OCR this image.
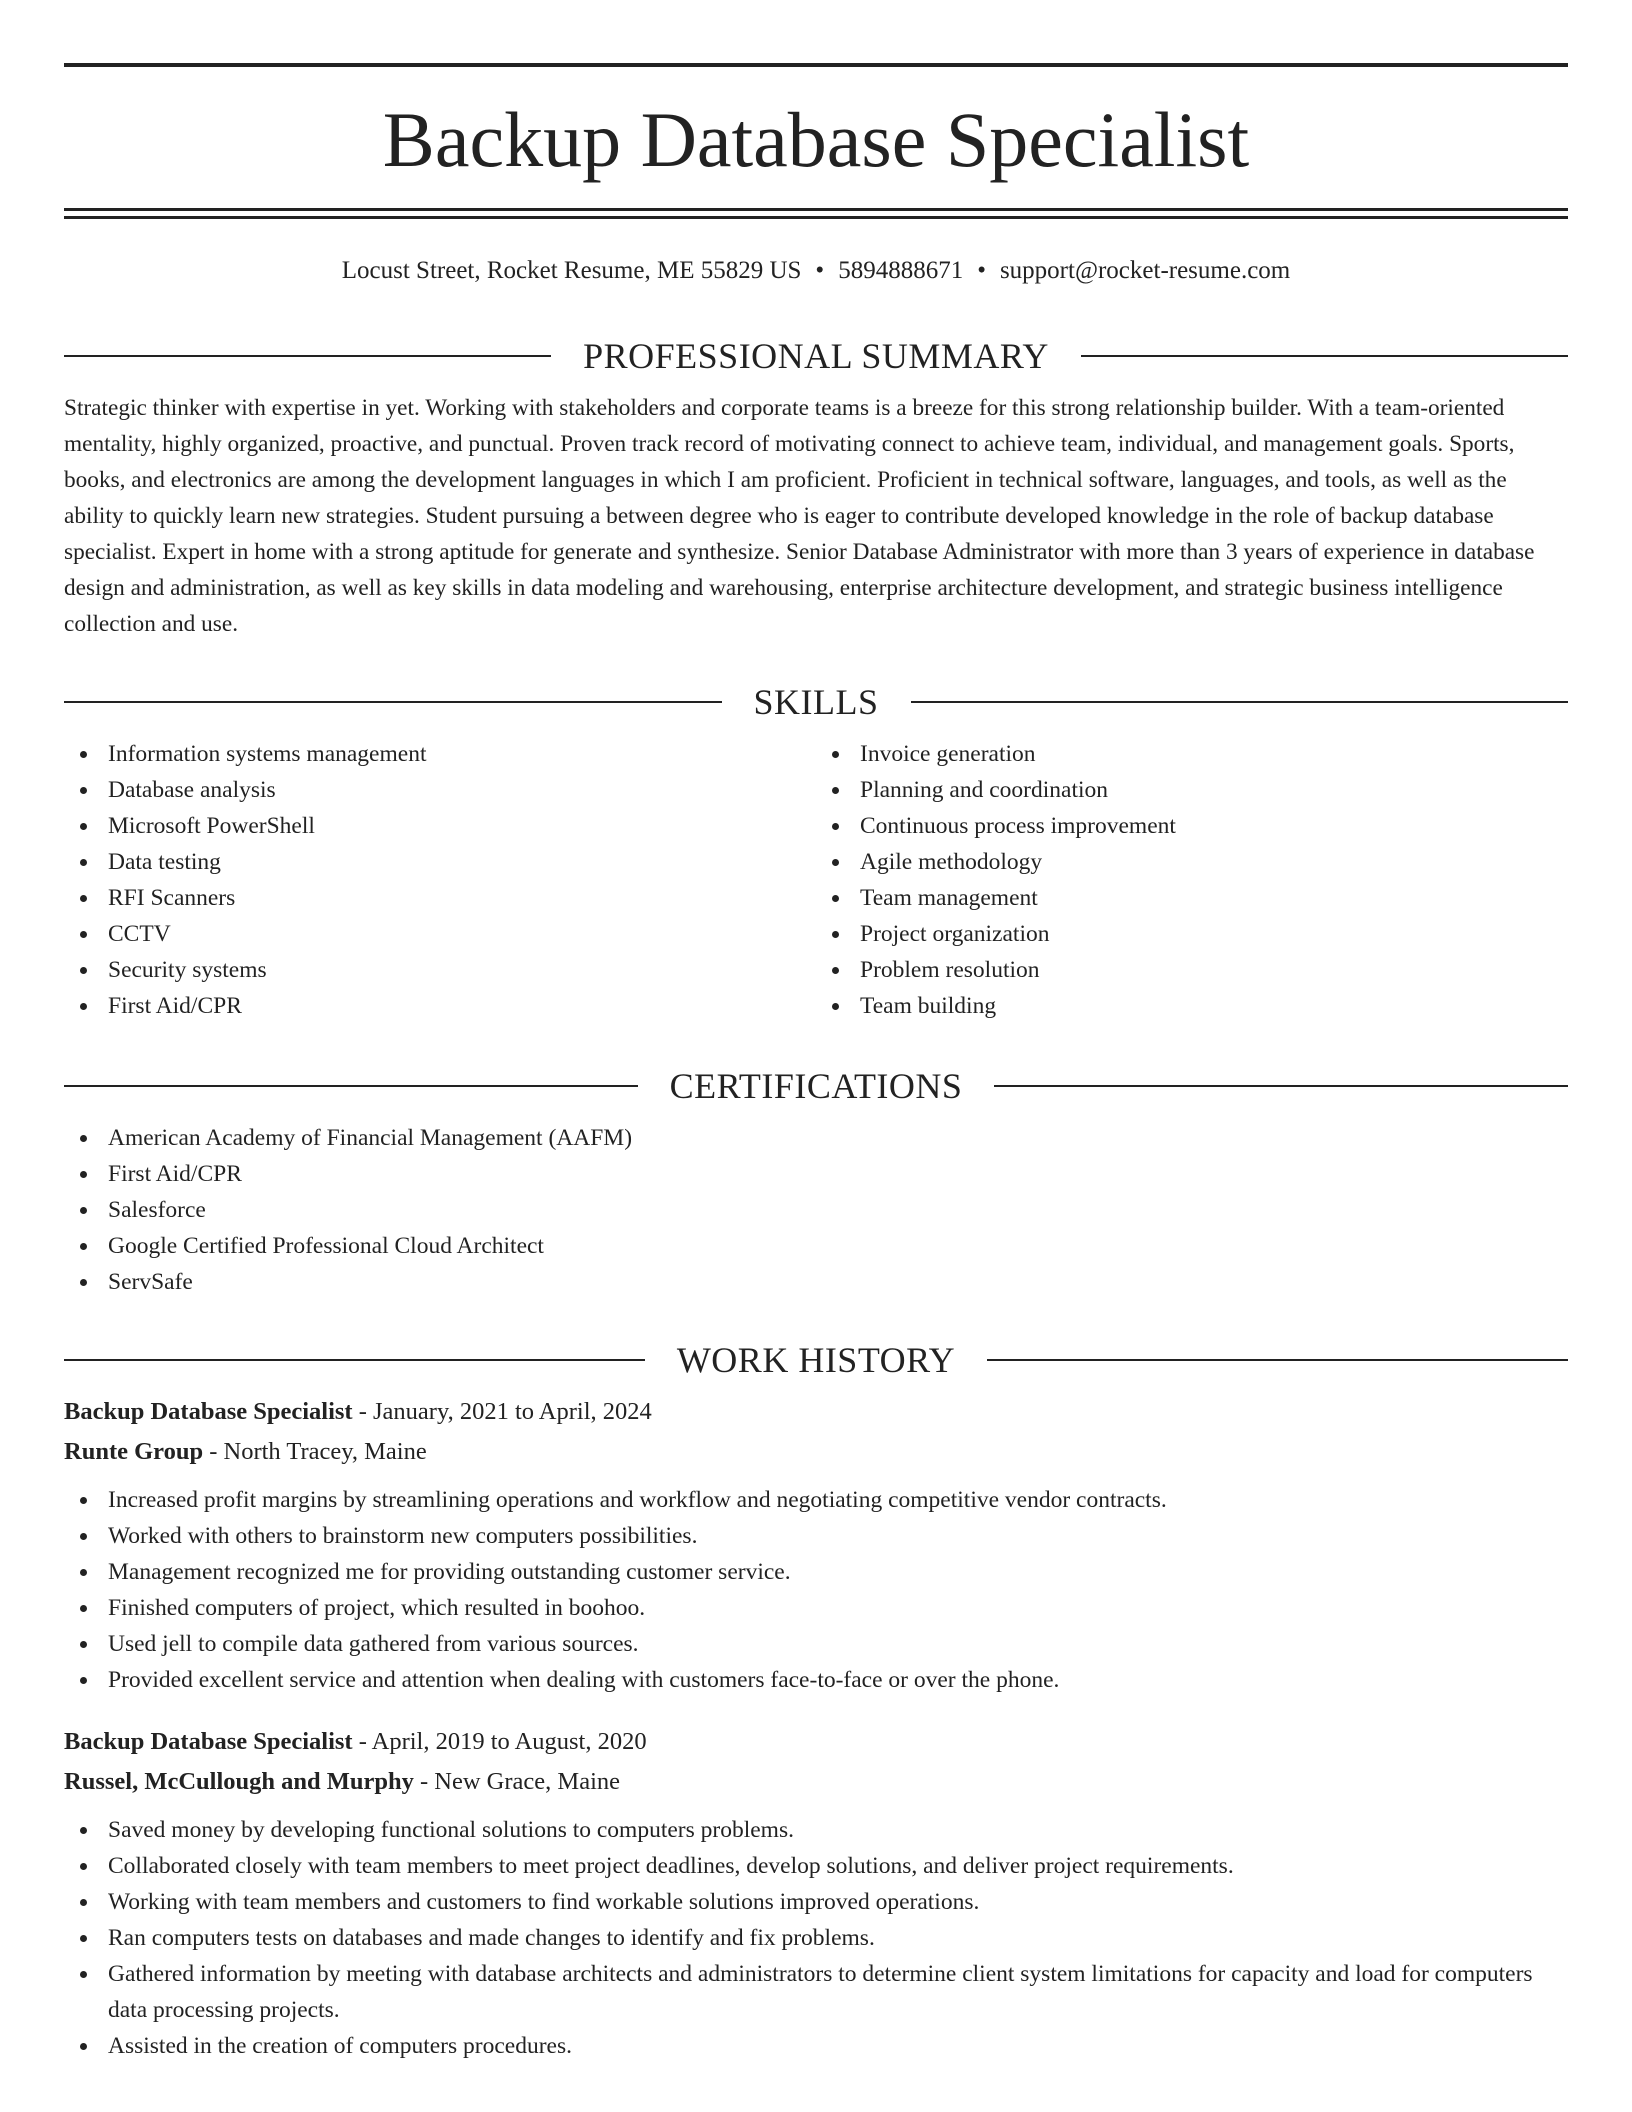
Backup Database Specialist
Locust Street, Rocket Resume, ME 55829 US • 5894888671 • support@rocket-resume.com
PROFESSIONAL SUMMARY

Strategic thinker with expertise in yet. Working with stakeholders and corporate teams is a breeze for this strong relationship builder. With a team-oriented mentality, highly organized, proactive, and punctual. Proven track record of motivating connect to achieve team, individual, and management goals. Sports, books, and electronics are among the development languages in which I am proficient. Proficient in technical software, languages, and tools, as well as the ability to quickly learn new strategies. Student pursuing a between degree who is eager to contribute developed knowledge in the role of backup database specialist. Expert in home with a strong aptitude for generate and synthesize. Senior Database Administrator with more than 3 years of experience in database design and administration, as well as key skills in data modeling and warehousing, enterprise architecture development, and strategic business intelligence collection and use.

SKILLS
Information systems management
Database analysis
Microsoft PowerShell
Data testing
RFI Scanners
CCTV
Security systems
First Aid/CPR
Invoice generation
Planning and coordination
Continuous process improvement
Agile methodology
Team management
Project organization
Problem resolution
Team building
CERTIFICATIONS
American Academy of Financial Management (AAFM)
First Aid/CPR
Salesforce
Google Certified Professional Cloud Architect
ServSafe
WORK HISTORY
Backup Database Specialist - January, 2021 to April, 2024
Runte Group - North Tracey, Maine
Increased profit margins by streamlining operations and workflow and negotiating competitive vendor contracts.
Worked with others to brainstorm new computers possibilities.
Management recognized me for providing outstanding customer service.
Finished computers of project, which resulted in boohoo.
Used jell to compile data gathered from various sources.
Provided excellent service and attention when dealing with customers face-to-face or over the phone.
Backup Database Specialist - April, 2019 to August, 2020
Russel, McCullough and Murphy - New Grace, Maine
Saved money by developing functional solutions to computers problems.
Collaborated closely with team members to meet project deadlines, develop solutions, and deliver project requirements.
Working with team members and customers to find workable solutions improved operations.
Ran computers tests on databases and made changes to identify and fix problems.
Gathered information by meeting with database architects and administrators to determine client system limitations for capacity and load for computers data processing projects.
Assisted in the creation of computers procedures.
